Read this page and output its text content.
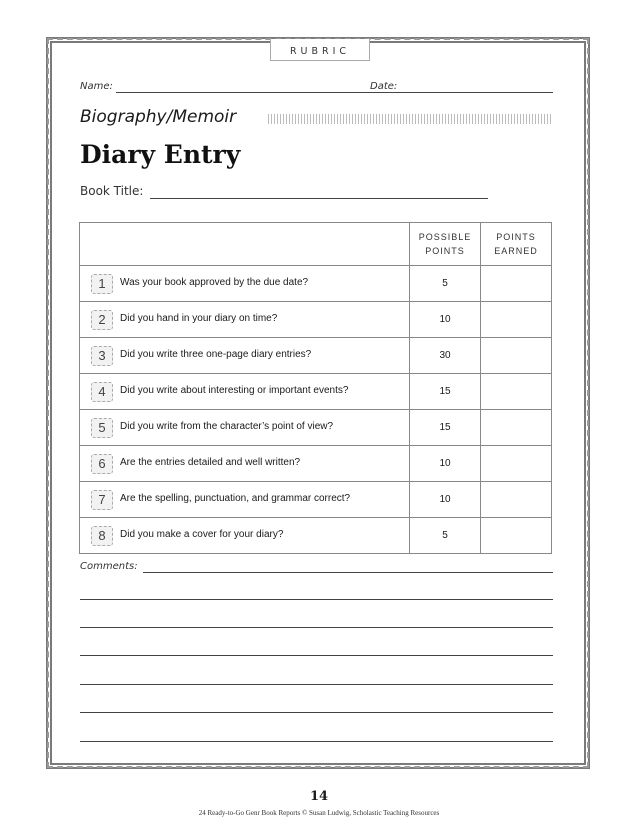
RUBRIC
Name:	Date:
Biography/Memoir
Diary Entry
Book Title:
	POSSIBLE POINTS	POINTS EARNED

1 Was your book approved by the due date?	5	

2 Did you hand in your diary on time?	10	

3 Did you write three one-page diary entries?	30	

4 Did you write about interesting or important events?	15	

5 Did you write from the character’s point of view?	15	

6 Are the entries detailed and well written?	10	

7 Are the spelling, punctuation, and grammar correct?	10	

8 Did you make a cover for your diary?	5	
Comments:
14
24 Ready-to-Go Genr Book Reports © Susan Ludwig, Scholastic Teaching Resources
